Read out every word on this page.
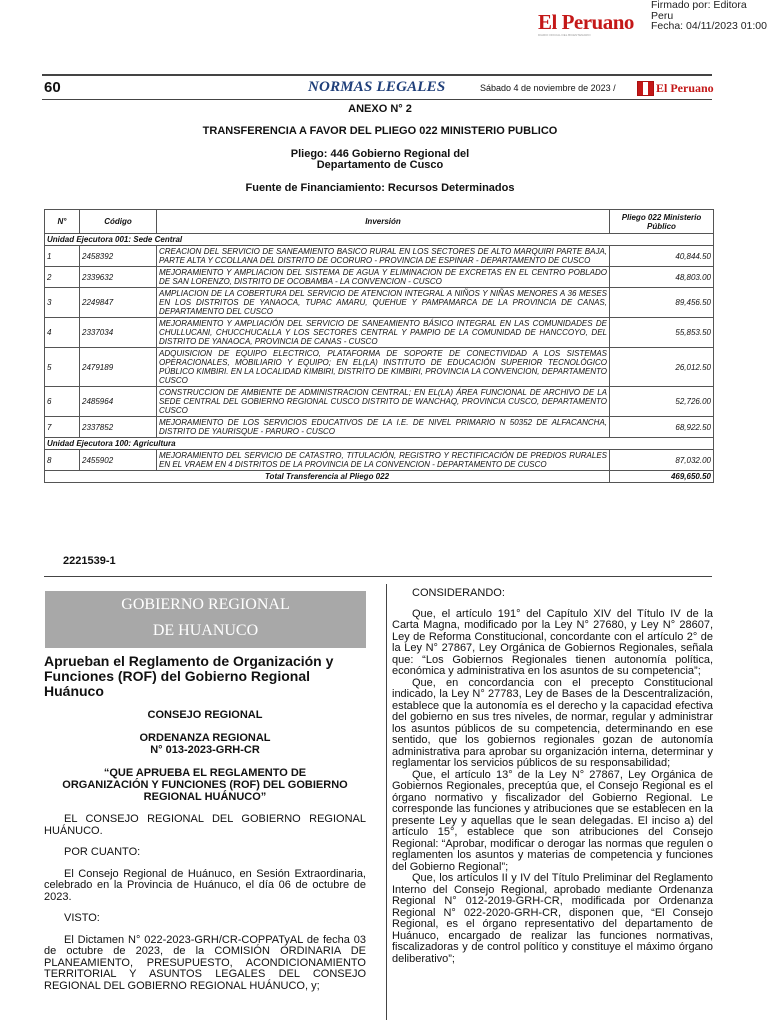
El Peruano
DIARIO OFICIAL DEL BICENTENARIO
Firmado por: Editora
Peru
Fecha: 04/11/2023 01:00
60	NORMAS LEGALES	Sábado 4 de noviembre de 2023 /	El Peruano
ANEXO N° 2
TRANSFERENCIA A FAVOR DEL PLIEGO 022 MINISTERIO PUBLICO
Pliego: 446 Gobierno Regional del
Departamento de Cusco
Fuente de Financiamiento: Recursos Determinados
N°	Código	Inversión	Pliego 022 Ministerio Público
Unidad Ejecutora 001: Sede Central			
1	2458392	CREACION DEL SERVICIO DE SANEAMIENTO BASICO RURAL EN LOS SECTORES DE ALTO MARQUIRI PARTE BAJA, PARTE ALTA Y CCOLLANA DEL DISTRITO DE OCORURO - PROVINCIA DE ESPINAR - DEPARTAMENTO DE CUSCO	40,844.50
2	2339632	MEJORAMIENTO Y AMPLIACION DEL SISTEMA DE AGUA Y ELIMINACION DE EXCRETAS EN EL CENTRO POBLADO DE SAN LORENZO, DISTRITO DE OCOBAMBA - LA CONVENCION - CUSCO	48,803.00
3	2249847	AMPLIACION DE LA COBERTURA DEL SERVICIO DE ATENCION INTEGRAL A NIÑOS Y NIÑAS MENORES A 36 MESES EN LOS DISTRITOS DE YANAOCA, TUPAC AMARU, QUEHUE Y PAMPAMARCA DE LA PROVINCIA DE CANAS, DEPARTAMENTO DEL CUSCO	89,456.50
4	2337034	MEJORAMIENTO Y AMPLIACIÓN DEL SERVICIO DE SANEAMIENTO BÁSICO INTEGRAL EN LAS COMUNIDADES DE CHULLUCANI, CHUCCHUCALLA Y LOS SECTORES CENTRAL Y PAMPIO DE LA COMUNIDAD DE HANCCOYO, DEL DISTRITO DE YANAOCA, PROVINCIA DE CANAS - CUSCO	55,853.50
5	2479189	ADQUISICION DE EQUIPO ELECTRICO, PLATAFORMA DE SOPORTE DE CONECTIVIDAD A LOS SISTEMAS OPERACIONALES, MOBILIARIO Y EQUIPO; EN EL(LA) INSTITUTO DE EDUCACIÓN SUPERIOR TECNOLÓGICO PÚBLICO KIMBIRI. EN LA LOCALIDAD KIMBIRI, DISTRITO DE KIMBIRI, PROVINCIA LA CONVENCION, DEPARTAMENTO CUSCO	26,012.50
6	2485964	CONSTRUCCION DE AMBIENTE DE ADMINISTRACION CENTRAL; EN EL(LA) ÁREA FUNCIONAL DE ARCHIVO DE LA SEDE CENTRAL DEL GOBIERNO REGIONAL CUSCO DISTRITO DE WANCHAQ, PROVINCIA CUSCO, DEPARTAMENTO CUSCO	52,726.00
7	2337852	MEJORAMIENTO DE LOS SERVICIOS EDUCATIVOS DE LA I.E. DE NIVEL PRIMARIO N 50352 DE ALFACANCHA, DISTRITO DE YAURISQUE - PARURO - CUSCO	68,922.50
Unidad Ejecutora 100: Agricultura			
8	2455902	MEJORAMIENTO DEL SERVICIO DE CATASTRO, TITULACIÓN, REGISTRO Y RECTIFICACIÓN DE PREDIOS RURALES EN EL VRAEM EN 4 DISTRITOS DE LA PROVINCIA DE LA CONVENCION - DEPARTAMENTO DE CUSCO	87,032.00
Total Transferencia al Pliego 022			469,650.50
2221539-1
GOBIERNO REGIONAL
DE HUANUCO

Aprueban el Reglamento de Organización y Funciones (ROF) del Gobierno Regional Huánuco

CONSEJO REGIONAL

ORDENANZA REGIONAL

N° 013-2023-GRH-CR

“QUE APRUEBA EL REGLAMENTO DE ORGANIZACIÓN Y FUNCIONES (ROF) DEL GOBIERNO REGIONAL HUÁNUCO”

EL CONSEJO REGIONAL DEL GOBIERNO REGIONAL HUÁNUCO.

POR CUANTO:

El Consejo Regional de Huánuco, en Sesión Extraordinaria, celebrado en la Provincia de Huánuco, el día 06 de octubre de 2023.

VISTO:

El Dictamen N° 022-2023-GRH/CR-COPPATyAL de fecha 03 de octubre de 2023, de la COMISIÓN ORDINARIA DE PLANEAMIENTO, PRESUPUESTO, ACONDICIONAMIENTO TERRITORIAL Y ASUNTOS LEGALES DEL CONSEJO REGIONAL DEL GOBIERNO REGIONAL HUÁNUCO, y;

CONSIDERANDO:

Que, el artículo 191° del Capítulo XIV del Título IV de la Carta Magna, modificado por la Ley N° 27680, y Ley N° 28607, Ley de Reforma Constitucional, concordante con el artículo 2° de la Ley N° 27867, Ley Orgánica de Gobiernos Regionales, señala que: “Los Gobiernos Regionales tienen autonomía política, económica y administrativa en los asuntos de su competencia”;

Que, en concordancia con el precepto Constitucional indicado, la Ley N° 27783, Ley de Bases de la Descentralización, establece que la autonomía es el derecho y la capacidad efectiva del gobierno en sus tres niveles, de normar, regular y administrar los asuntos públicos de su competencia, determinando en ese sentido, que los gobiernos regionales gozan de autonomía administrativa para aprobar su organización interna, determinar y reglamentar los servicios públicos de su responsabilidad;

Que, el artículo 13° de la Ley N° 27867, Ley Orgánica de Gobiernos Regionales, preceptúa que, el Consejo Regional es el órgano normativo y fiscalizador del Gobierno Regional. Le corresponde las funciones y atribuciones que se establecen en la presente Ley y aquellas que le sean delegadas. El inciso a) del artículo 15°, establece que son atribuciones del Consejo Regional: “Aprobar, modificar o derogar las normas que regulen o reglamenten los asuntos y materias de competencia y funciones del Gobierno Regional”;

Que, los artículos II y IV del Título Preliminar del Reglamento Interno del Consejo Regional, aprobado mediante Ordenanza Regional N° 012-2019-GRH-CR, modificada por Ordenanza Regional N° 022-2020-GRH-CR, disponen que, “El Consejo Regional, es el órgano representativo del departamento de Huánuco, encargado de realizar las funciones normativas, fiscalizadoras y de control político y constituye el máximo órgano deliberativo”;
